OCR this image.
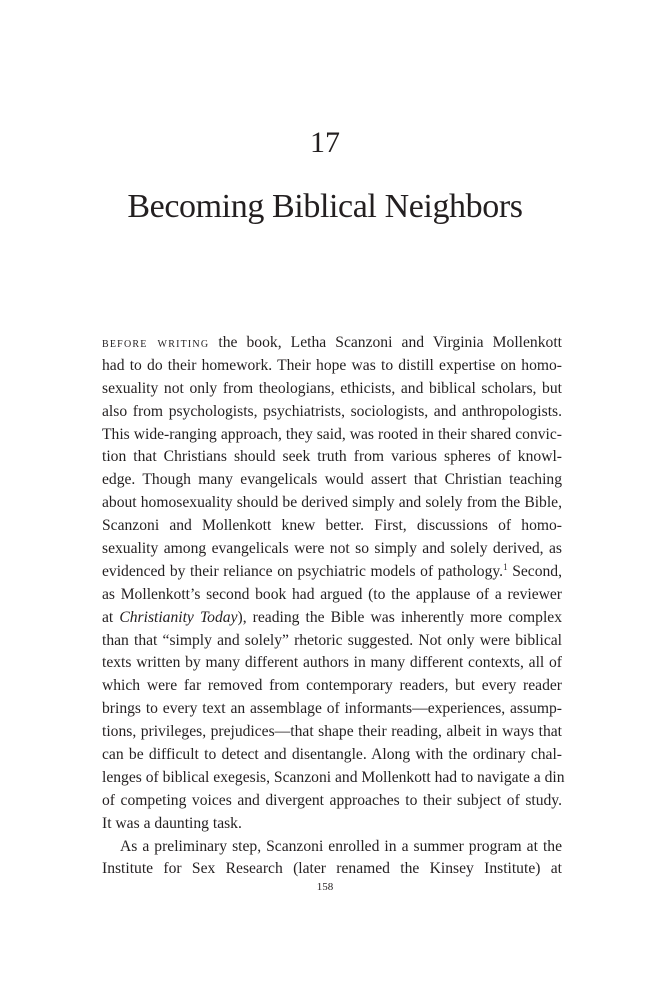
17
Becoming Biblical Neighbors
before writing the book, Letha Scanzoni and Virginia Mollenkott
had to do their homework. Their hope was to distill expertise on homo-
sexuality not only from theologians, ethicists, and biblical scholars, but
also from psychologists, psychiatrists, sociologists, and anthropologists.
This wide-ranging approach, they said, was rooted in their shared convic-
tion that Christians should seek truth from various spheres of knowl-
edge. Though many evangelicals would assert that Christian teaching
about homosexuality should be derived simply and solely from the Bible,
Scanzoni and Mollenkott knew better. First, discussions of homo-
sexuality among evangelicals were not so simply and solely derived, as
evidenced by their reliance on psychiatric models of pathology.$^1$ Second,
as Mollenkott’s second book had argued (to the applause of a reviewer
at Christianity Today), reading the Bible was inherently more complex
than that “simply and solely” rhetoric suggested. Not only were biblical
texts written by many different authors in many different contexts, all of
which were far removed from contemporary readers, but every reader
brings to every text an assemblage of informants—experiences, assump-
tions, privileges, prejudices—that shape their reading, albeit in ways that
can be difficult to detect and disentangle. Along with the ordinary chal-
lenges of biblical exegesis, Scanzoni and Mollenkott had to navigate a din
of competing voices and divergent approaches to their subject of study.
It was a daunting task.
As a preliminary step, Scanzoni enrolled in a summer program at the
Institute for Sex Research (later renamed the Kinsey Institute) at
158
